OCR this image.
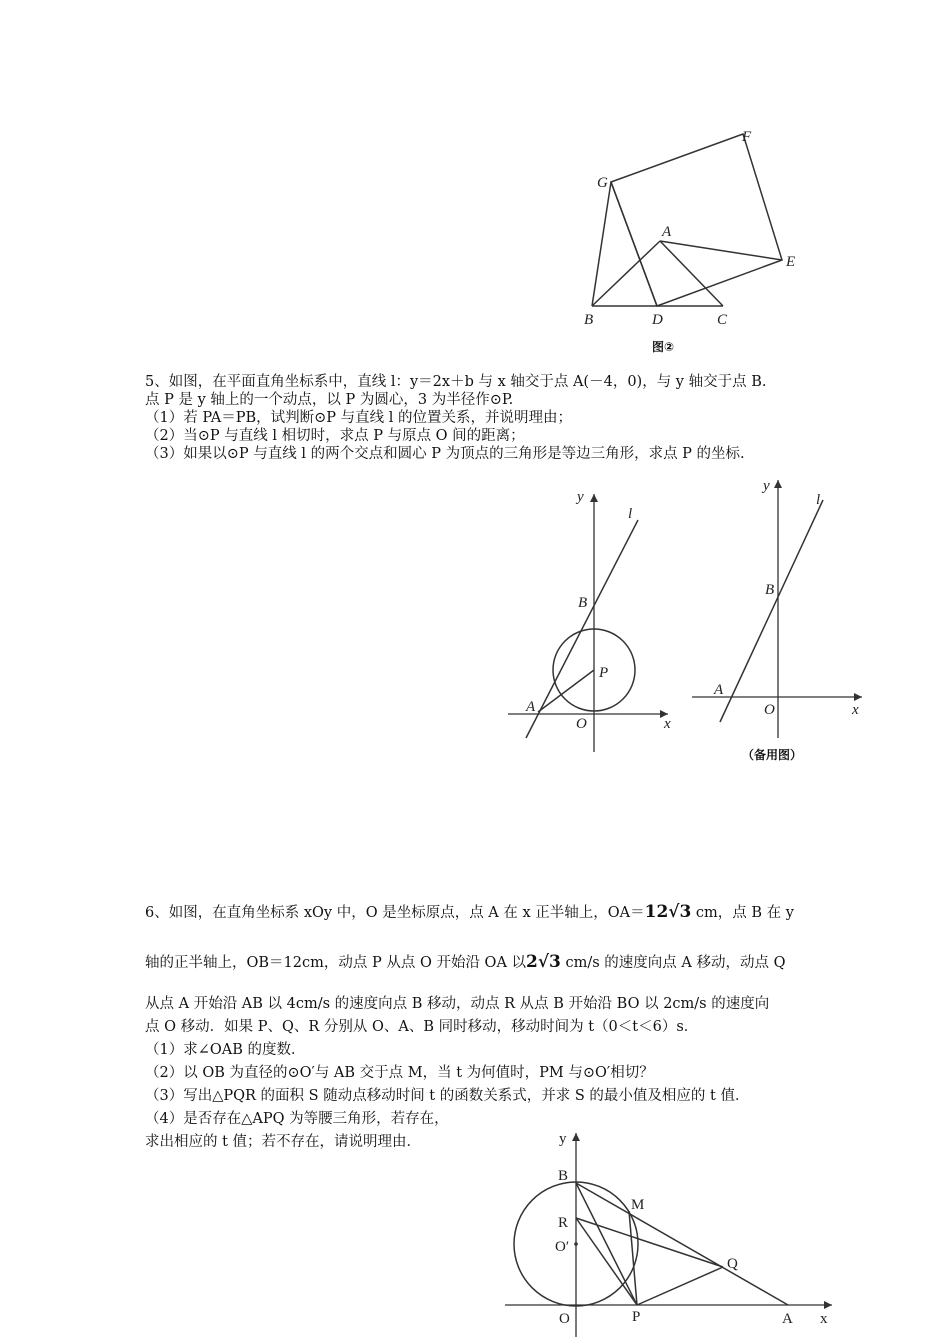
G
F
A
E
B	D	C
图②
5、如图，在平面直角坐标系中，直线 l：y＝2x＋b 与 x 轴交于点 A(－4，0)，与 y 轴交于点 B.
点 P 是 y 轴上的一个动点，以 P 为圆心，3 为半径作⊙P.
（1）若 PA＝PB，试判断⊙P 与直线 l 的位置关系，并说明理由；
（2）当⊙P 与直线 l 相切时，求点 P 与原点 O 间的距离；
（3）如果以⊙P 与直线 l 的两个交点和圆心 P 为顶点的三角形是等边三角形，求点 P 的坐标.
y
l
B
P
A
O	x
y
l
B
A
O	x
（备用图）
6、如图，在直角坐标系 xOy 中，O 是坐标原点，点 A 在 x 正半轴上，OA＝12√3 cm，点 B 在 y
轴的正半轴上，OB＝12cm，动点 P 从点 O 开始沿 OA 以2√3 cm/s 的速度向点 A 移动，动点 Q
从点 A 开始沿 AB 以 4cm/s 的速度向点 B 移动，动点 R 从点 B 开始沿 BO 以 2cm/s 的速度向
点 O 移动．如果 P、Q、R 分别从 O、A、B 同时移动，移动时间为 t（0＜t＜6）s．
（1）求∠OAB 的度数．
（2）以 OB 为直径的⊙O′与 AB 交于点 M，当 t 为何值时，PM 与⊙O′相切？
（3）写出△PQR 的面积 S 随动点移动时间 t 的函数关系式，并求 S 的最小值及相应的 t 值．
（4）是否存在△APQ 为等腰三角形，若存在，
求出相应的 t 值；若不存在，请说明理由．	y
B
M
R
O′
Q
O	P	A x
